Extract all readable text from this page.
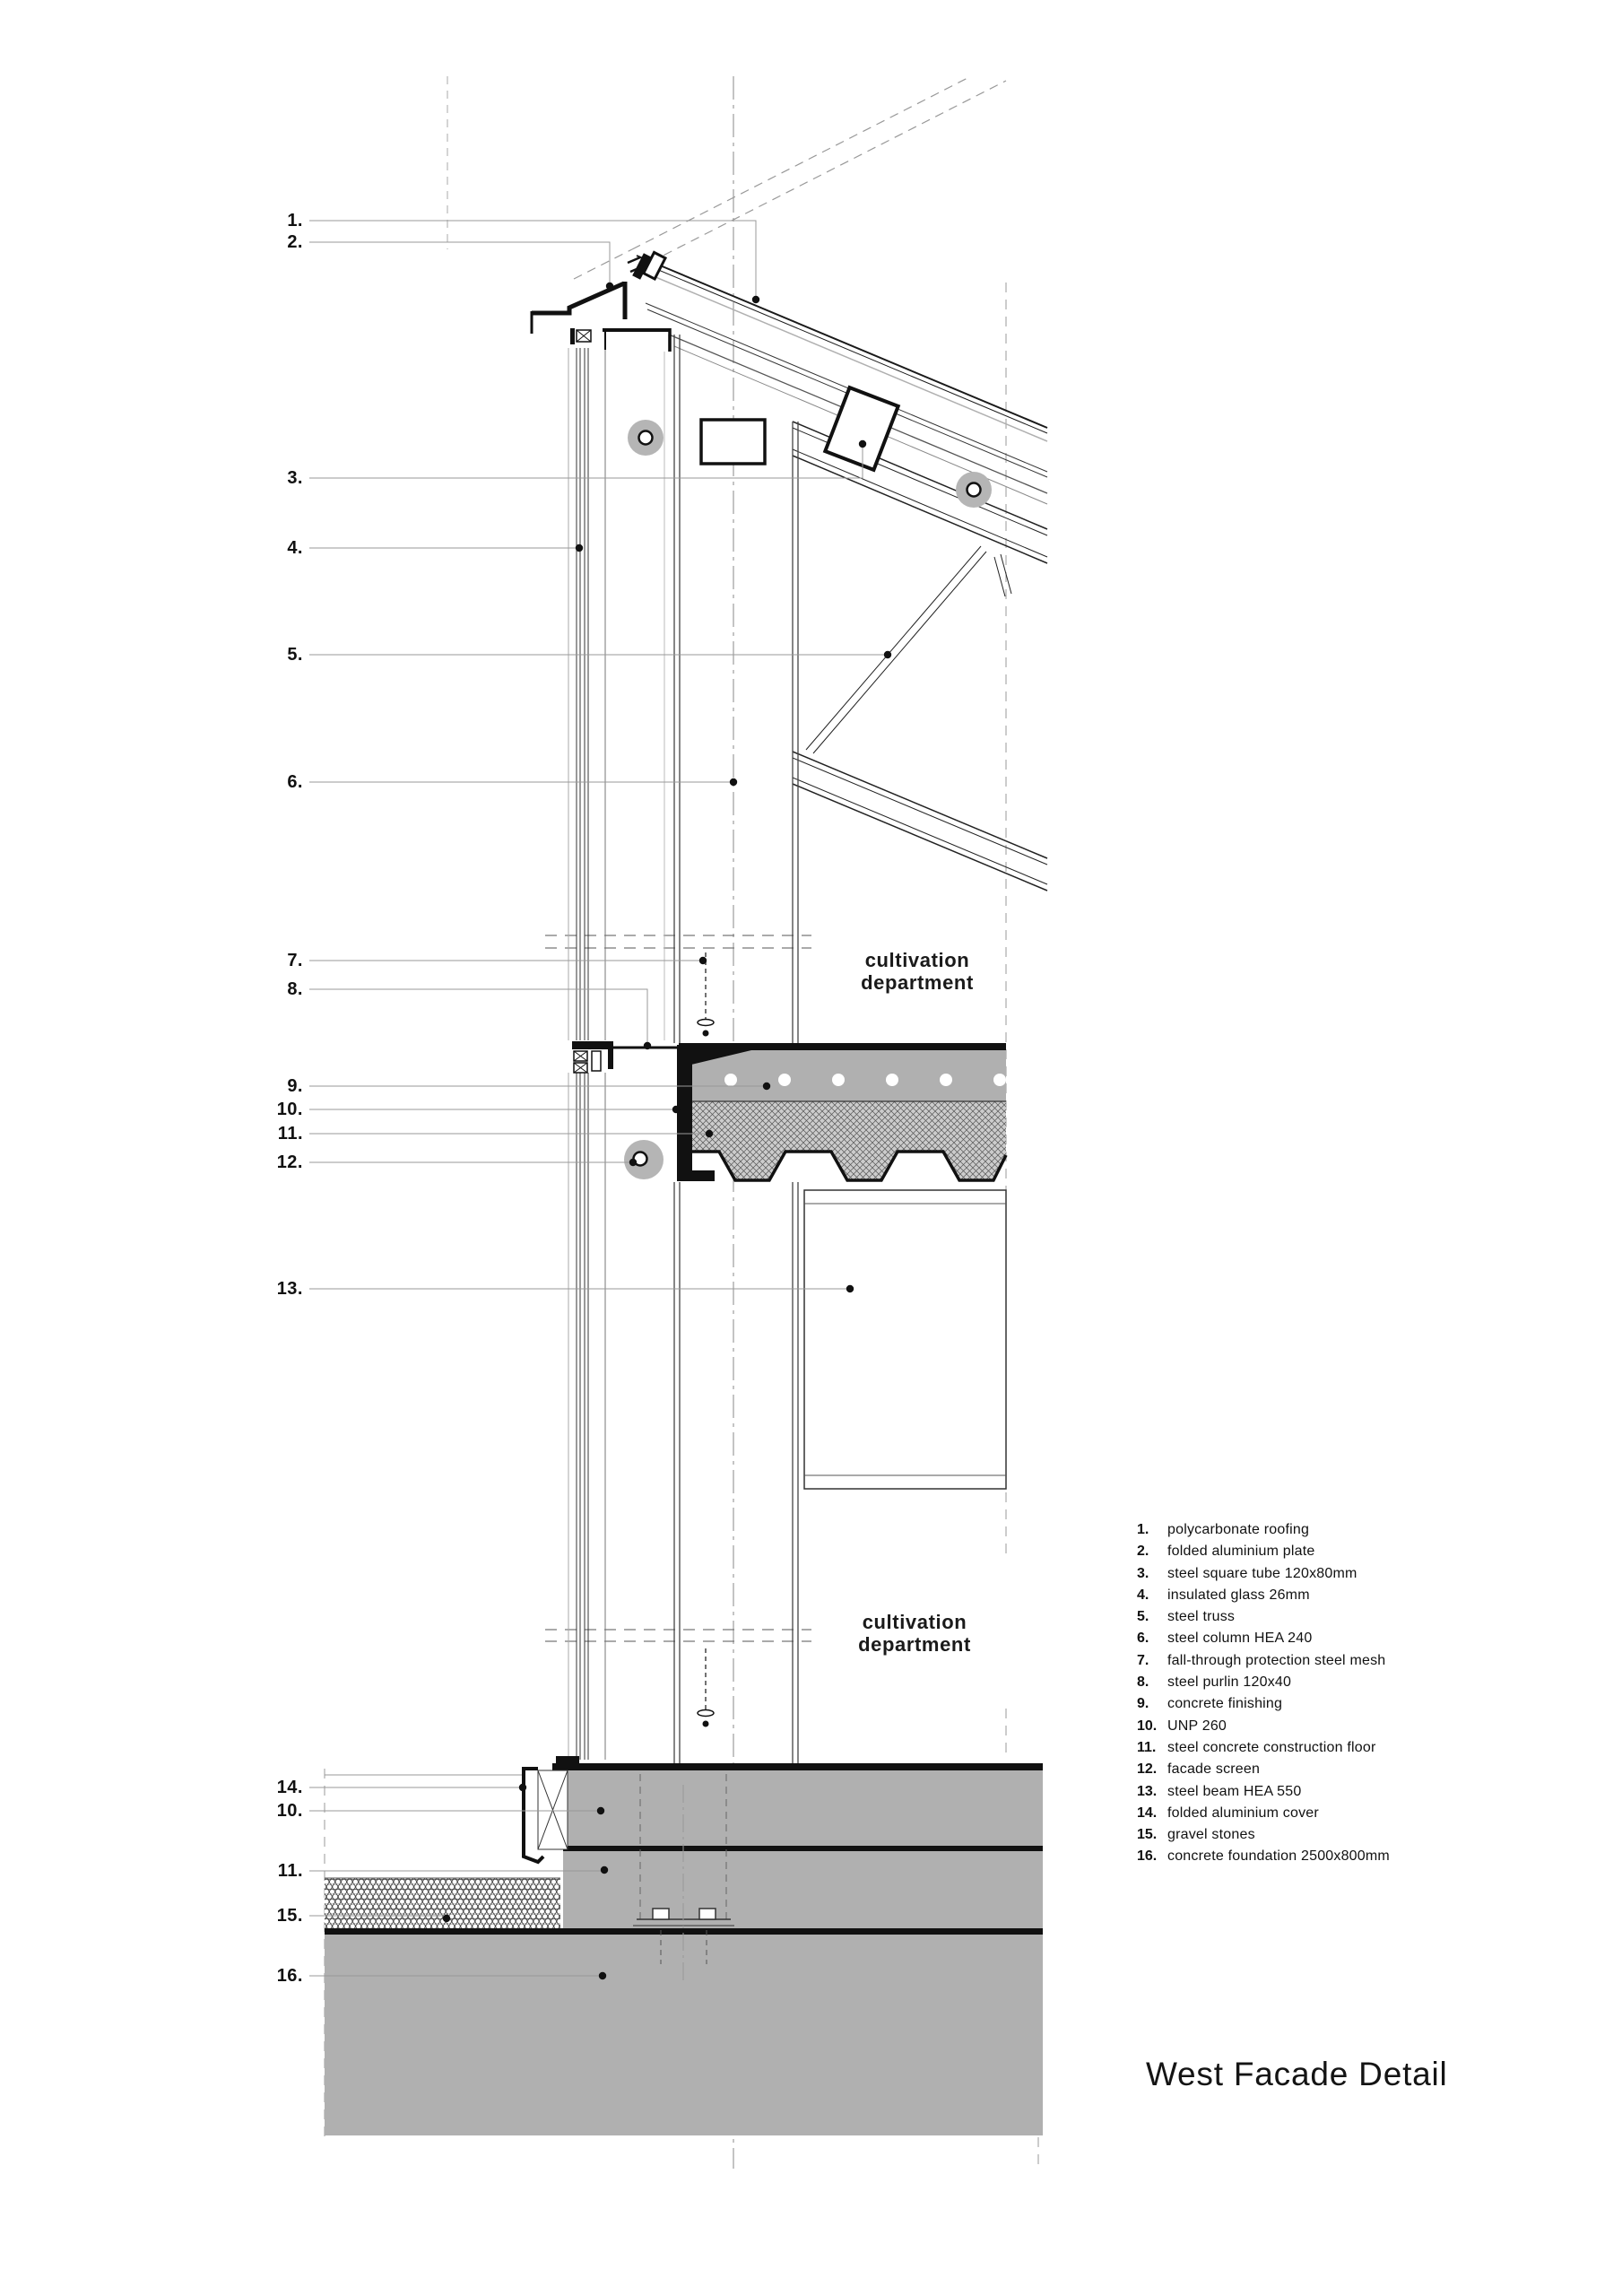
1.
2.
3.
4.
5.
6.
7.
8.
9.
10.
11.
12.
13.
14.
10.
11.
15.
16.
cultivation
department
cultivation
department
1.	polycarbonate roofing
2.	folded aluminium plate
3.	steel square tube 120x80mm
4.	insulated glass 26mm
5.	steel truss
6.	steel column HEA 240
7.	fall-through protection steel mesh
8.	steel purlin 120x40
9.	concrete finishing
10. UNP 260
11. steel concrete construction floor
12. facade screen
13. steel beam HEA 550
14. folded aluminium cover
15. gravel stones
16. concrete foundation 2500x800mm
West Facade Detail
